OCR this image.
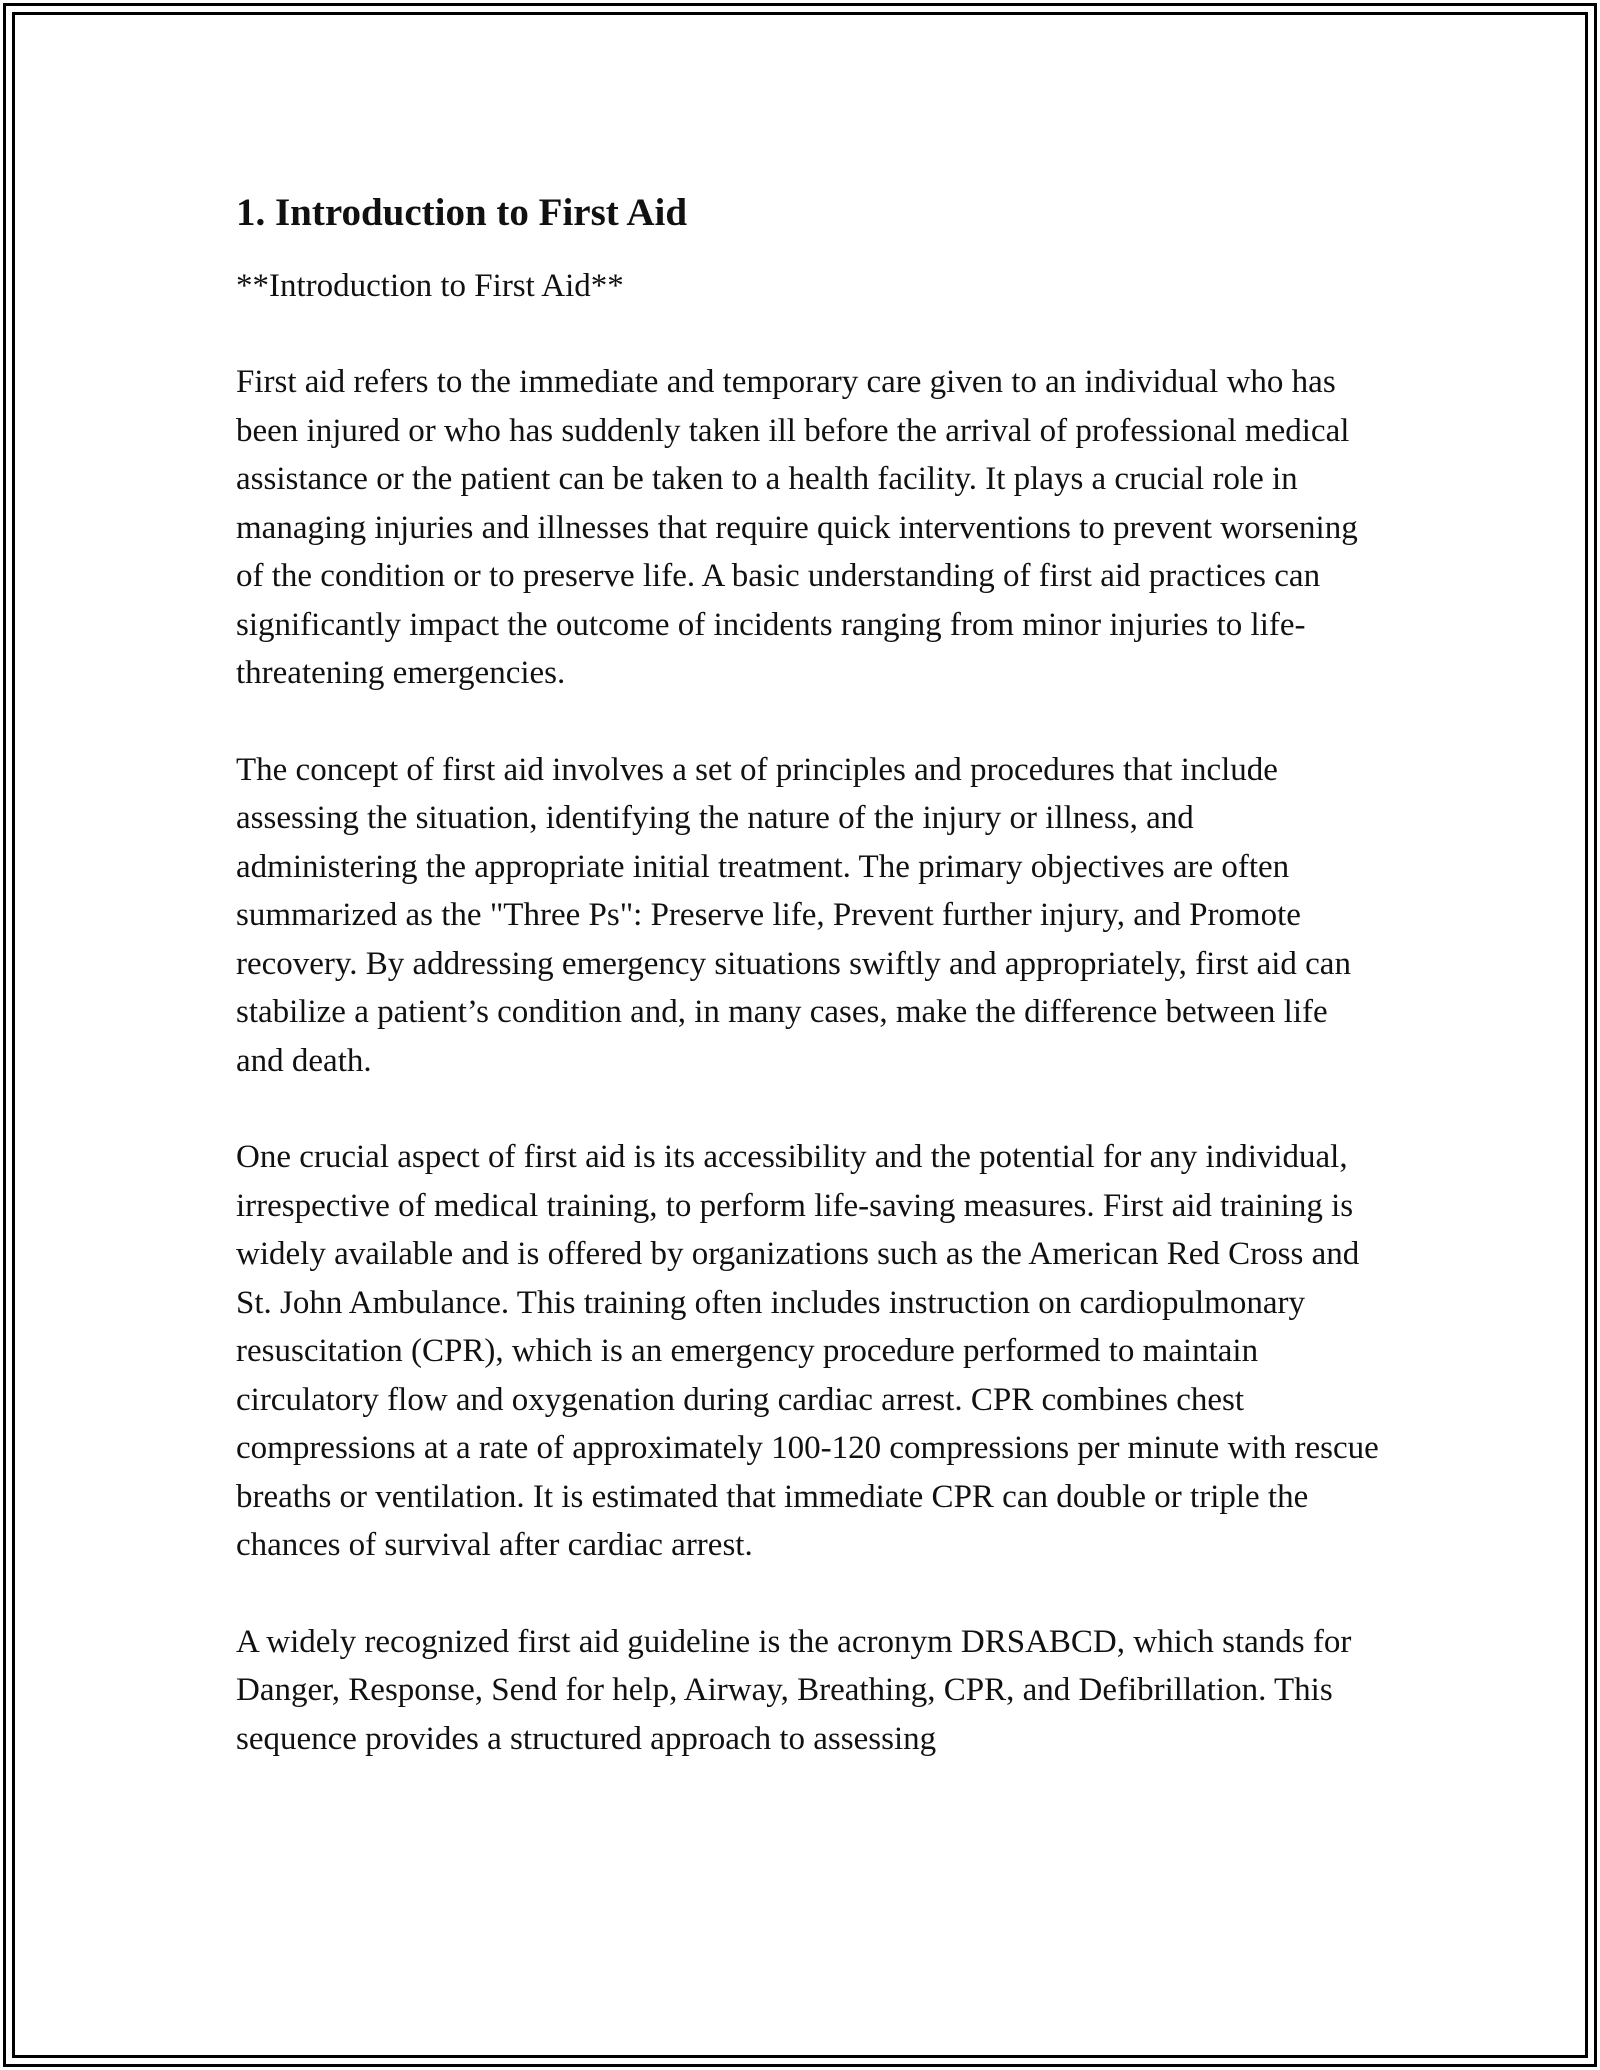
1. Introduction to First Aid

**Introduction to First Aid**

First aid refers to the immediate and temporary care given to an individual who has been injured or who has suddenly taken ill before the arrival of professional medical assistance or the patient can be taken to a health facility. It plays a crucial role in managing injuries and illnesses that require quick interventions to prevent worsening of the condition or to preserve life. A basic understanding of first aid practices can significantly impact the outcome of incidents ranging from minor injuries to life-threatening emergencies.

The concept of first aid involves a set of principles and procedures that include assessing the situation, identifying the nature of the injury or illness, and administering the appropriate initial treatment. The primary objectives are often summarized as the "Three Ps": Preserve life, Prevent further injury, and Promote recovery. By addressing emergency situations swiftly and appropriately, first aid can stabilize a patient’s condition and, in many cases, make the difference between life and death.

One crucial aspect of first aid is its accessibility and the potential for any individual, irrespective of medical training, to perform life-saving measures. First aid training is widely available and is offered by organizations such as the American Red Cross and St. John Ambulance. This training often includes instruction on cardiopulmonary resuscitation (CPR), which is an emergency procedure performed to maintain circulatory flow and oxygenation during cardiac arrest. CPR combines chest compressions at a rate of approximately 100-120 compressions per minute with rescue breaths or ventilation. It is estimated that immediate CPR can double or triple the chances of survival after cardiac arrest.

A widely recognized first aid guideline is the acronym DRSABCD, which stands for Danger, Response, Send for help, Airway, Breathing, CPR, and Defibrillation. This sequence provides a structured approach to assessing
